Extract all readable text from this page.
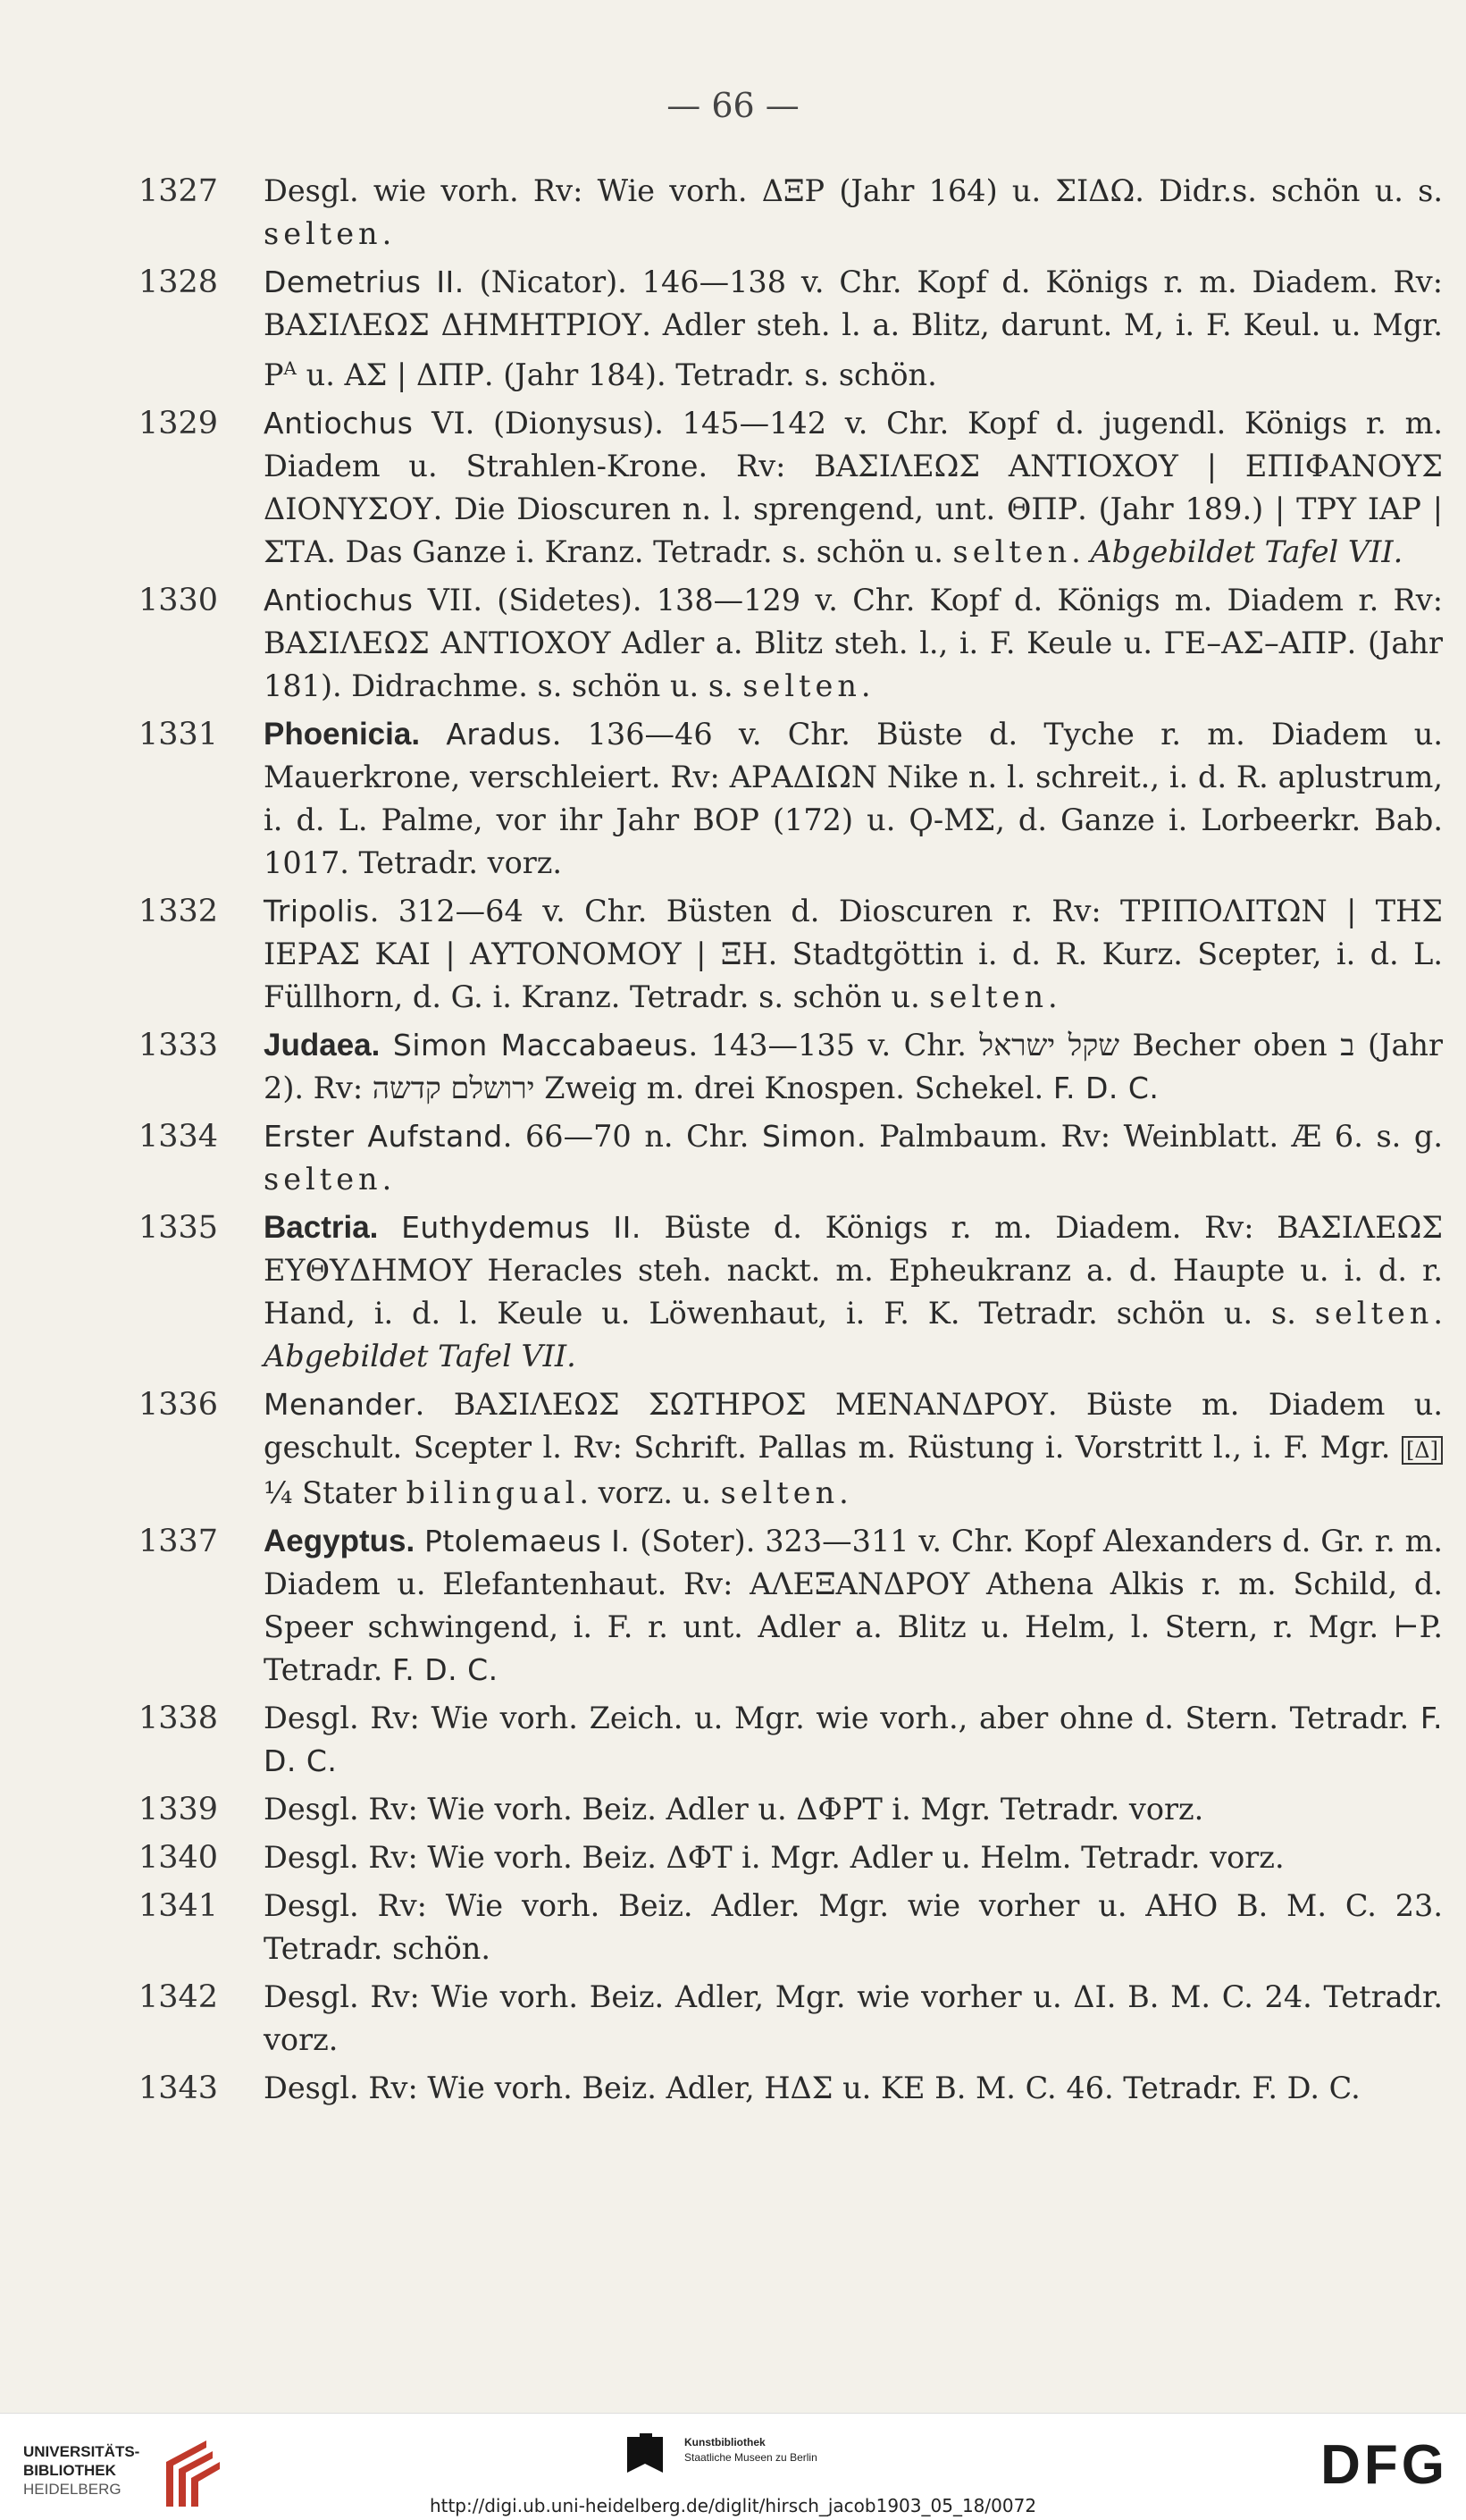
— 66 —
1327	Desgl. wie vorh. Rv: Wie vorh. ΔΞΡ (Jahr 164) u. ΣΙΔΩ. Didr.s. schön u. s. selten.
1328	Demetrius II. (Nicator). 146—138 v. Chr. Kopf d. Königs r. m. Diadem. Rv: ΒΑΣΙΛΕΩΣ ΔΗΜΗΤΡΙΟΥ. Adler steh. l. a. Blitz, darunt. M, i. F. Keul. u. Mgr. $P^A$ u. ΑΣ | ΔΠΡ. (Jahr 184). Tetradr. s. schön.
1329	Antiochus VI. (Dionysus). 145—142 v. Chr. Kopf d. jugendl. Königs r. m. Diadem u. Strahlen-Krone. Rv: ΒΑΣΙΛΕΩΣ ΑΝΤΙΟΧΟΥ | ΕΠΙΦΑΝΟΥΣ ΔΙΟΝΥΣΟΥ. Die Dioscuren n. l. sprengend, unt. ΘΠΡ. (Jahr 189.) | ΤΡΥ ΙΑΡ | ΣΤΑ. Das Ganze i. Kranz. Tetradr. s. schön u. selten. Abgebildet Tafel VII.
1330	Antiochus VII. (Sidetes). 138—129 v. Chr. Kopf d. Königs m. Diadem r. Rv: ΒΑΣΙΛΕΩΣ ΑΝΤΙΟΧΟΥ Adler a. Blitz steh. l., i. F. Keule u. ΓΕ–ΑΣ–ΑΠΡ. (Jahr 181). Didrachme. s. schön u. s. selten.
1331	Phoenicia. Aradus. 136—46 v. Chr. Büste d. Tyche r. m. Diadem u. Mauerkrone, verschleiert. Rv: ΑΡΑΔΙΩΝ Nike n. l. schreit., i. d. R. aplustrum, i. d. L. Palme, vor ihr Jahr ΒΟΡ (172) u. Ϙ-ΜΣ, d. Ganze i. Lorbeerkr. Bab. 1017. Tetradr. vorz.
1332	Tripolis. 312—64 v. Chr. Büsten d. Dioscuren r. Rv: ΤΡΙΠΟΛΙΤΩΝ | ΤΗΣ ΙΕΡΑΣ ΚΑΙ | ΑΥΤΟΝΟΜΟΥ | ΞΗ. Stadtgöttin i. d. R. Kurz. Scepter, i. d. L. Füllhorn, d. G. i. Kranz. Tetradr. s. schön u. selten.
1333	Judaea. Simon Maccabaeus. 143—135 v. Chr. שקל ישראל Becher oben ב (Jahr 2). Rv: ירושלם קדשה Zweig m. drei Knospen. Schekel. F. D. C.
1334	Erster Aufstand. 66—70 n. Chr. Simon. Palmbaum. Rv: Weinblatt. Æ 6. s. g. selten.
1335	Bactria. Euthydemus II. Büste d. Königs r. m. Diadem. Rv: ΒΑΣΙΛΕΩΣ ΕΥΘΥΔΗΜΟΥ Heracles steh. nackt. m. Epheukranz a. d. Haupte u. i. d. r. Hand, i. d. l. Keule u. Löwenhaut, i. F. K. Tetradr. schön u. s. selten. Abgebildet Tafel VII.
1336	Menander. ΒΑΣΙΛΕΩΣ ΣΩΤΗΡΟΣ ΜΕΝΑΝΔΡΟΥ. Büste m. Diadem u. geschult. Scepter l. Rv: Schrift. Pallas m. Rüstung i. Vorstritt l., i. F. Mgr. [Δ] ¼ Stater bilingual. vorz. u. selten.
1337	Aegyptus. Ptolemaeus I. (Soter). 323—311 v. Chr. Kopf Alexanders d. Gr. r. m. Diadem u. Elefantenhaut. Rv: ΑΛΕΞΑΝΔΡΟΥ Athena Alkis r. m. Schild, d. Speer schwingend, i. F. r. unt. Adler a. Blitz u. Helm, l. Stern, r. Mgr. ⊢P. Tetradr. F. D. C.
1338	Desgl. Rv: Wie vorh. Zeich. u. Mgr. wie vorh., aber ohne d. Stern. Tetradr. F. D. C.
1339	Desgl. Rv: Wie vorh. Beiz. Adler u. ΔΦΡΤ i. Mgr. Tetradr. vorz.
1340	Desgl. Rv: Wie vorh. Beiz. ΔΦΤ i. Mgr. Adler u. Helm. Tetradr. vorz.
1341	Desgl. Rv: Wie vorh. Beiz. Adler. Mgr. wie vorher u. ΑΗΟ B. M. C. 23. Tetradr. schön.
1342	Desgl. Rv: Wie vorh. Beiz. Adler, Mgr. wie vorher u. ΔΙ. B. M. C. 24. Tetradr. vorz.
1343	Desgl. Rv: Wie vorh. Beiz. Adler, ΗΔΣ u. ΚΕ B. M. C. 46. Tetradr. F. D. C.
UNIVERSITÄTS-
BIBLIOTHEK
HEIDELBERG
Kunstbibliothek
Staatliche Museen zu Berlin	DFG
http://digi.ub.uni-heidelberg.de/diglit/hirsch_jacob1903_05_18/0072
